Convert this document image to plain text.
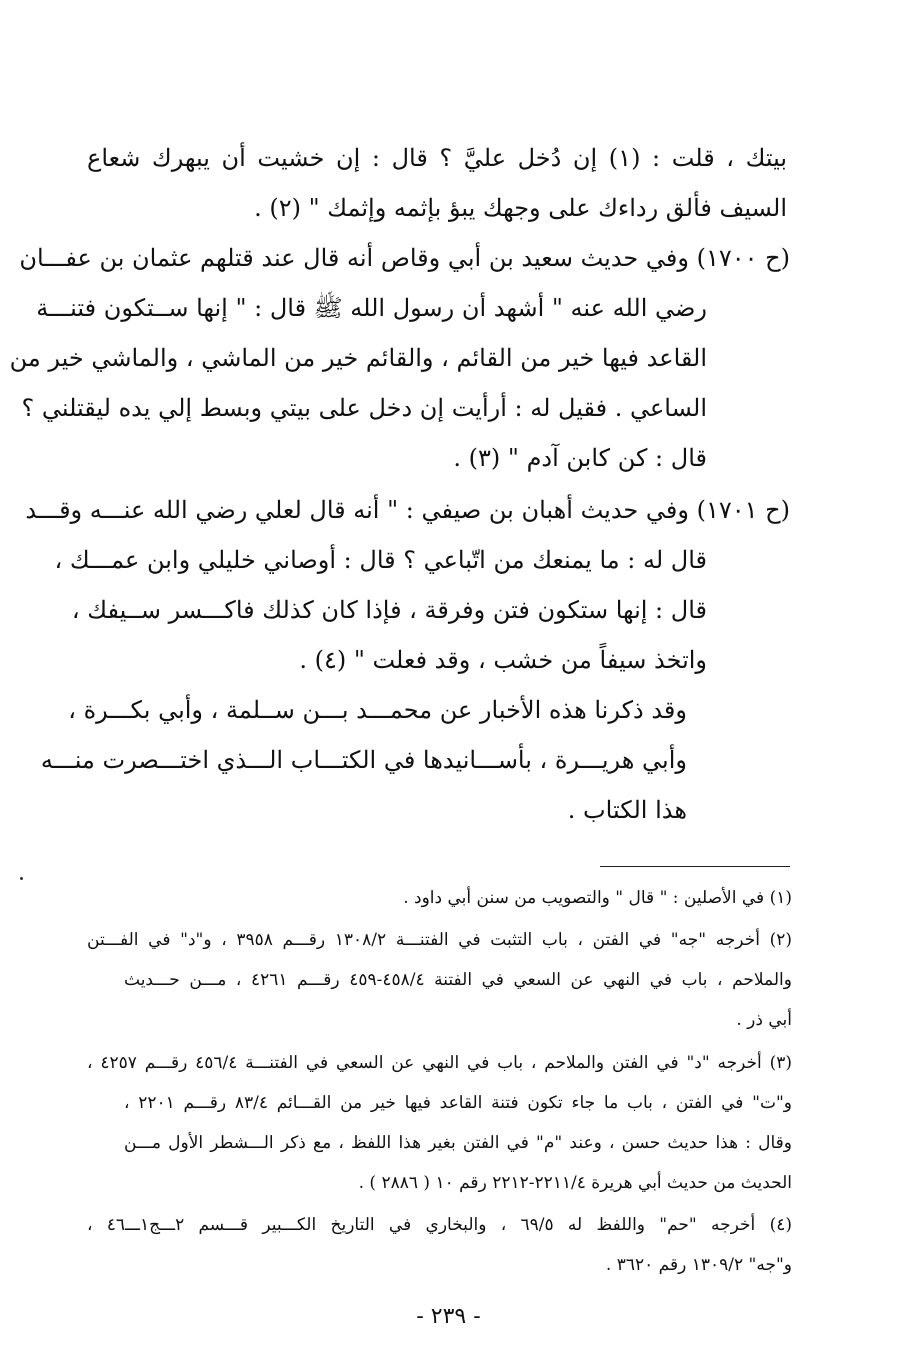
بيتك ، قلت : (١) إن دُخل عليَّ ؟ قال : إن خشيت أن يبهرك شعاع
السيف فألق رداءك على وجهك يبؤ بإثمه وإثمك " (٢) .
(ح ١٧٠٠) وفي حديث سعيد بن أبي وقاص أنه قال عند قتلهم عثمان بن عفـــان
رضي الله عنه " أشهد أن رسول الله ﷺ قال : " إنها ســتكون فتنـــة
القاعد فيها خير من القائم ، والقائم خير من الماشي ، والماشي خير من
الساعي . فقيل له : أرأيت إن دخل على بيتي وبسط إلي يده ليقتلني ؟
قال : كن كابن آدم " (٣) .
(ح ١٧٠١) وفي حديث أهبان بن صيفي : " أنه قال لعلي رضي الله عنـــه وقـــد
قال له : ما يمنعك من اتّباعي ؟ قال : أوصاني خليلي وابن عمـــك ،
قال : إنها ستكون فتن وفرقة ، فإذا كان كذلك فاكـــسر ســيفك ،
واتخذ سيفاً من خشب ، وقد فعلت " (٤) .
وقد ذكرنا هذه الأخبار عن محمـــد بـــن ســلمة ، وأبي بكـــرة ،
وأبي هريـــرة ، بأســـانيدها في الكتـــاب الـــذي اختـــصرت منـــه
هذا الكتاب .
(١) في الأصلين : " قال " والتصويب من سنن أبي داود .
(٢) أخرجه "جه" في الفتن ، باب التثبت في الفتنـــة ١٣٠٨/٢ رقـــم ٣٩٥٨ ، و"د" في الفـــتن
والملاحم ، باب في النهي عن السعي في الفتنة ٤٥٨/٤-٤٥٩ رقـــم ٤٢٦١ ، مـــن حـــديث
أبي ذر .
(٣) أخرجه "د" في الفتن والملاحم ، باب في النهي عن السعي في الفتنـــة ٤٥٦/٤ رقـــم ٤٢٥٧ ،
و"ت" في الفتن ، باب ما جاء تكون فتنة القاعد فيها خير من القـــائم ٨٣/٤ رقـــم ٢٢٠١ ،
وقال : هذا حديث حسن ، وعند "م" في الفتن بغير هذا اللفظ ، مع ذكر الـــشطر الأول مـــن
الحديث من حديث أبي هريرة ٢٢١١/٤-٢٢١٢ رقم ١٠ ( ٢٨٨٦ ) .
(٤) أخرجه "حم" واللفظ له ٦٩/٥ ، والبخاري في التاريخ الكـــبير قـــسم ٢ـــج١ـــ٤٦ ،
و"جه" ١٣٠٩/٢ رقم ٣٦٢٠ .
- ٢٣٩ -
